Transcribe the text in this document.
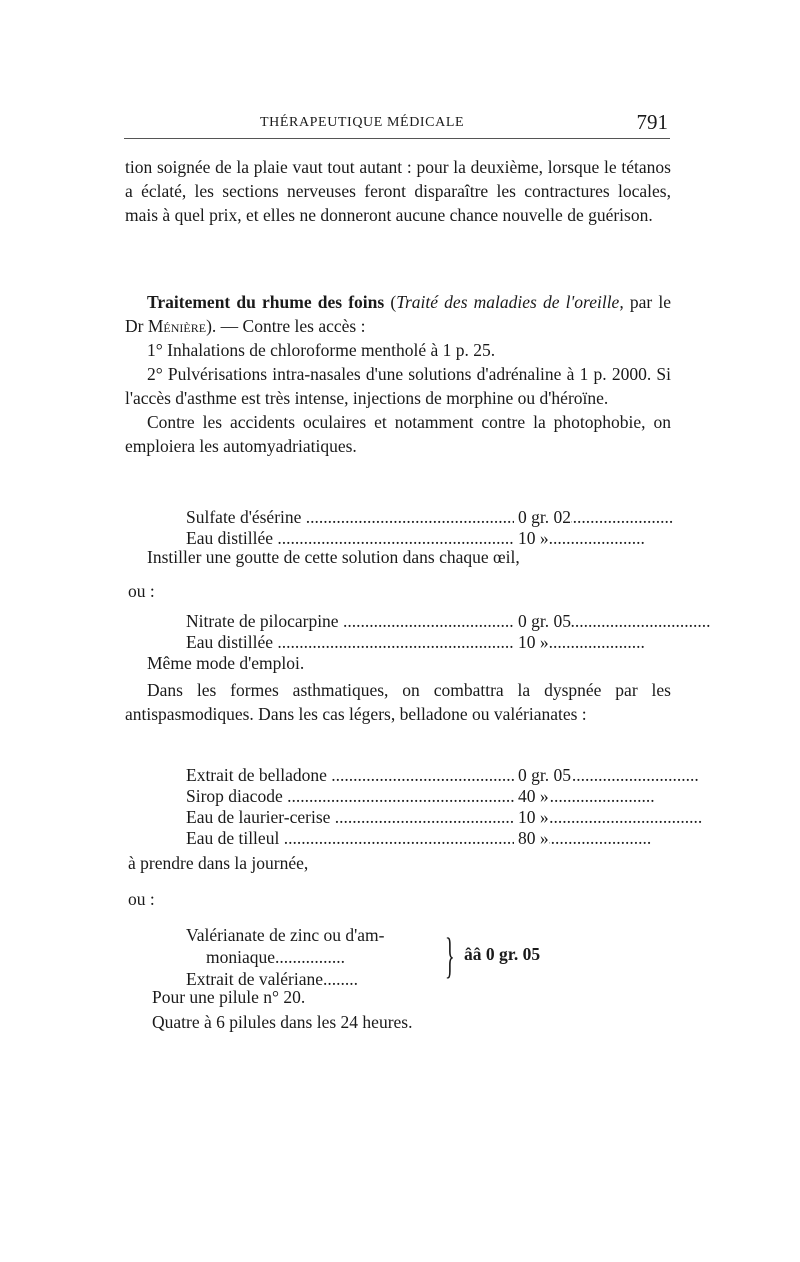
THÉRAPEUTIQUE MÉDICALE	791
tion soignée de la plaie vaut tout autant : pour la deuxième, lorsque le tétanos a éclaté, les sections nerveuses feront disparaître les contractures locales, mais à quel prix, et elles ne donneront aucune chance nouvelle de guérison.

Traitement du rhume des foins (Traité des maladies de l'oreille, par le Dr Ménière). — Contre les accès :

1° Inhalations de chloroforme mentholé à 1 p. 25.

2° Pulvérisations intra-nasales d'une solutions d'adrénaline à 1 p. 2000. Si l'accès d'asthme est très intense, injections de morphine ou d'héroïne.

Contre les accidents oculaires et notamment contre la photophobie, on emploiera les automyadriatiques.

Sulfate d'ésérine .....	0 gr. 02
Eau distillée .....	10 »
Instiller une goutte de cette solution dans chaque œil,
ou :
Nitrate de pilocarpine .....	0 gr. 05
Eau distillée .....	10 »
Même mode d'emploi.

Dans les formes asthmatiques, on combattra la dyspnée par les antispasmodiques. Dans les cas légers, belladone ou valérianates :

Extrait de belladone .....	0 gr. 05
Sirop diacode .....	40 »
Eau de laurier-cerise .....	10 »
Eau de tilleul .....	80 »
à prendre dans la journée,
ou :
Valérianate de zinc ou d'am-
moniaque................
Extrait de valériane........	} ââ 0 gr. 05
Pour une pilule n° 20.
Quatre à 6 pilules dans les 24 heures.
